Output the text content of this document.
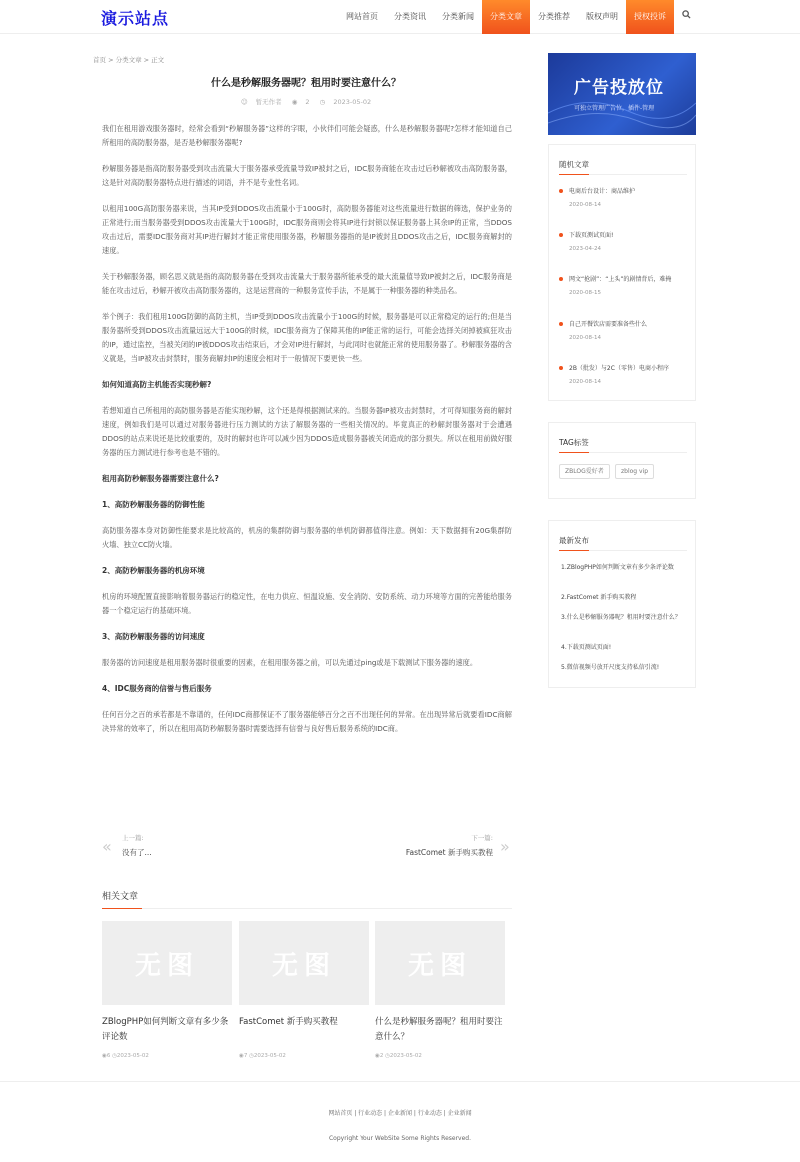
演示站点	网站首页	分类资讯	分类新闻	分类文章	分类推荐	版权声明	授权投诉
首页 > 分类文章 > 正文
什么是秒解服务器呢？租用时要注意什么？
☺ 暂无作者 ◉ 2 ◷ 2023-05-02

我们在租用游戏服务器时，经常会看到“秒解服务器”这样的字眼，小伙伴们可能会疑惑，什么是秒解服务器呢?怎样才能知道自己所租用的高防服务器，是否是秒解服务器呢?

秒解服务器是指高防服务器受到攻击流量大于服务器承受流量导致IP被封之后，IDC服务商能在攻击过后秒解被攻击高防服务器，这是针对高防服务器特点进行描述的词语，并不是专业性名词。

以租用100G高防服务器来说，当其IP受到DDOS攻击流量小于100G时，高防服务器能对这些流量进行数据的筛选，保护业务的正常进行;而当服务器受到DDOS攻击流量大于100G时，IDC服务商则会将其IP进行封锁以保证服务器上其余IP的正常，当DDOS攻击过后，需要IDC服务商对其IP进行解封才能正常使用服务器，秒解服务器指的是IP被封且DDOS攻击之后，IDC服务商解封的速度。

关于秒解服务器，顾名思义就是指的高防服务器在受到攻击流量大于服务器所能承受的最大流量值导致IP被封之后，IDC服务商是能在攻击过后，秒解开被攻击高防服务器的，这是运营商的一种服务宣传手法，不是属于一种服务器的种类品名。

举个例子：我们租用100G防御的高防主机，当IP受到DDOS攻击流量小于100G的时候，服务器是可以正常稳定的运行的;但是当服务器所受到DDOS攻击流量远远大于100G的时候，IDC服务商为了保障其他的IP能正常的运行，可能会选择关闭掉被疯狂攻击的IP，通过监控，当被关闭的IP被DDOS攻击结束后，才会对IP进行解封，与此同时也就能正常的使用服务器了。秒解服务器的含义就是，当IP被攻击封禁时，服务商解封IP的速度会相对于一般情况下要更快一些。

如何知道高防主机能否实现秒解?

若想知道自己所租用的高防服务器是否能实现秒解，这个还是得根据测试来的。当服务器IP被攻击封禁时，才可得知服务商的解封速度，例如我们是可以通过对服务器进行压力测试的方法了解服务器的一些相关情况的。毕竟真正的秒解封服务器对于会遭遇DDOS的站点来说还是比较重要的，及时的解封也许可以减少因为DDOS造成服务器被关闭造成的部分损失。所以在租用前做好服务器的压力测试进行参考也是不错的。

租用高防秒解服务器需要注意什么?
1、高防秒解服务器的防御性能

高防服务器本身对防御性能要求是比较高的，机房的集群防御与服务器的单机防御都值得注意。例如：天下数据拥有20G集群防火墙、独立CC防火墙。

2、高防秒解服务器的机房环境

机房的环境配置直接影响着服务器运行的稳定性，在电力供应、恒温设施、安全消防、安防系统、动力环境等方面的完善能给服务器一个稳定运行的基础环境。

3、高防秒解服务器的访问速度

服务器的访问速度是租用服务器时很重要的因素，在租用服务器之前，可以先通过ping或是下载测试下服务器的速度。

4、IDC服务商的信誉与售后服务

任何百分之百的承若都是不靠谱的，任何IDC商都保证不了服务器能够百分之百不出现任何的异常。在出现异常后就要看IDC商解决异常的效率了，所以在租用高防秒解服务器时需要选择有信誉与良好售后服务系统的IDC商。

« 上一篇:
没有了...
下一篇:
FastComet 新手购买教程 »
相关文章
无图
ZBlogPHP如何判断文章有多少条评论数
◉6 ◷2023-05-02
无图
FastComet 新手购买教程
◉7 ◷2023-05-02
无图
什么是秒解服务器呢？租用时要注意什么？
◉2 ◷2023-05-02
广告投放位
可独立管理广告位，插件-管理
随机文章
电商后台设计：商品维护
2020-08-14
下载页测试页面!
2023-04-24
网文“抢剧”：“上头”的剧情背后，难掩
2020-08-15
自己开餐饮店需要准备些什么
2020-08-14
2B（批发）与2C（零售）电商小程序
2020-08-14
TAG标签
ZBLOG爱好者	zblog vip
最新发布
1.ZBlogPHP如何判断文章有多少条评论数
2.FastComet 新手购买教程
3.什么是秒解服务器呢？租用时要注意什么？
4.下载页测试页面!
5.微信视频号放开尺度支持私信引流!
网站首页 | 行业动态 | 企业新闻 | 行业动态 | 企业新闻
Copyright Your WebSite Some Rights Reserved.
